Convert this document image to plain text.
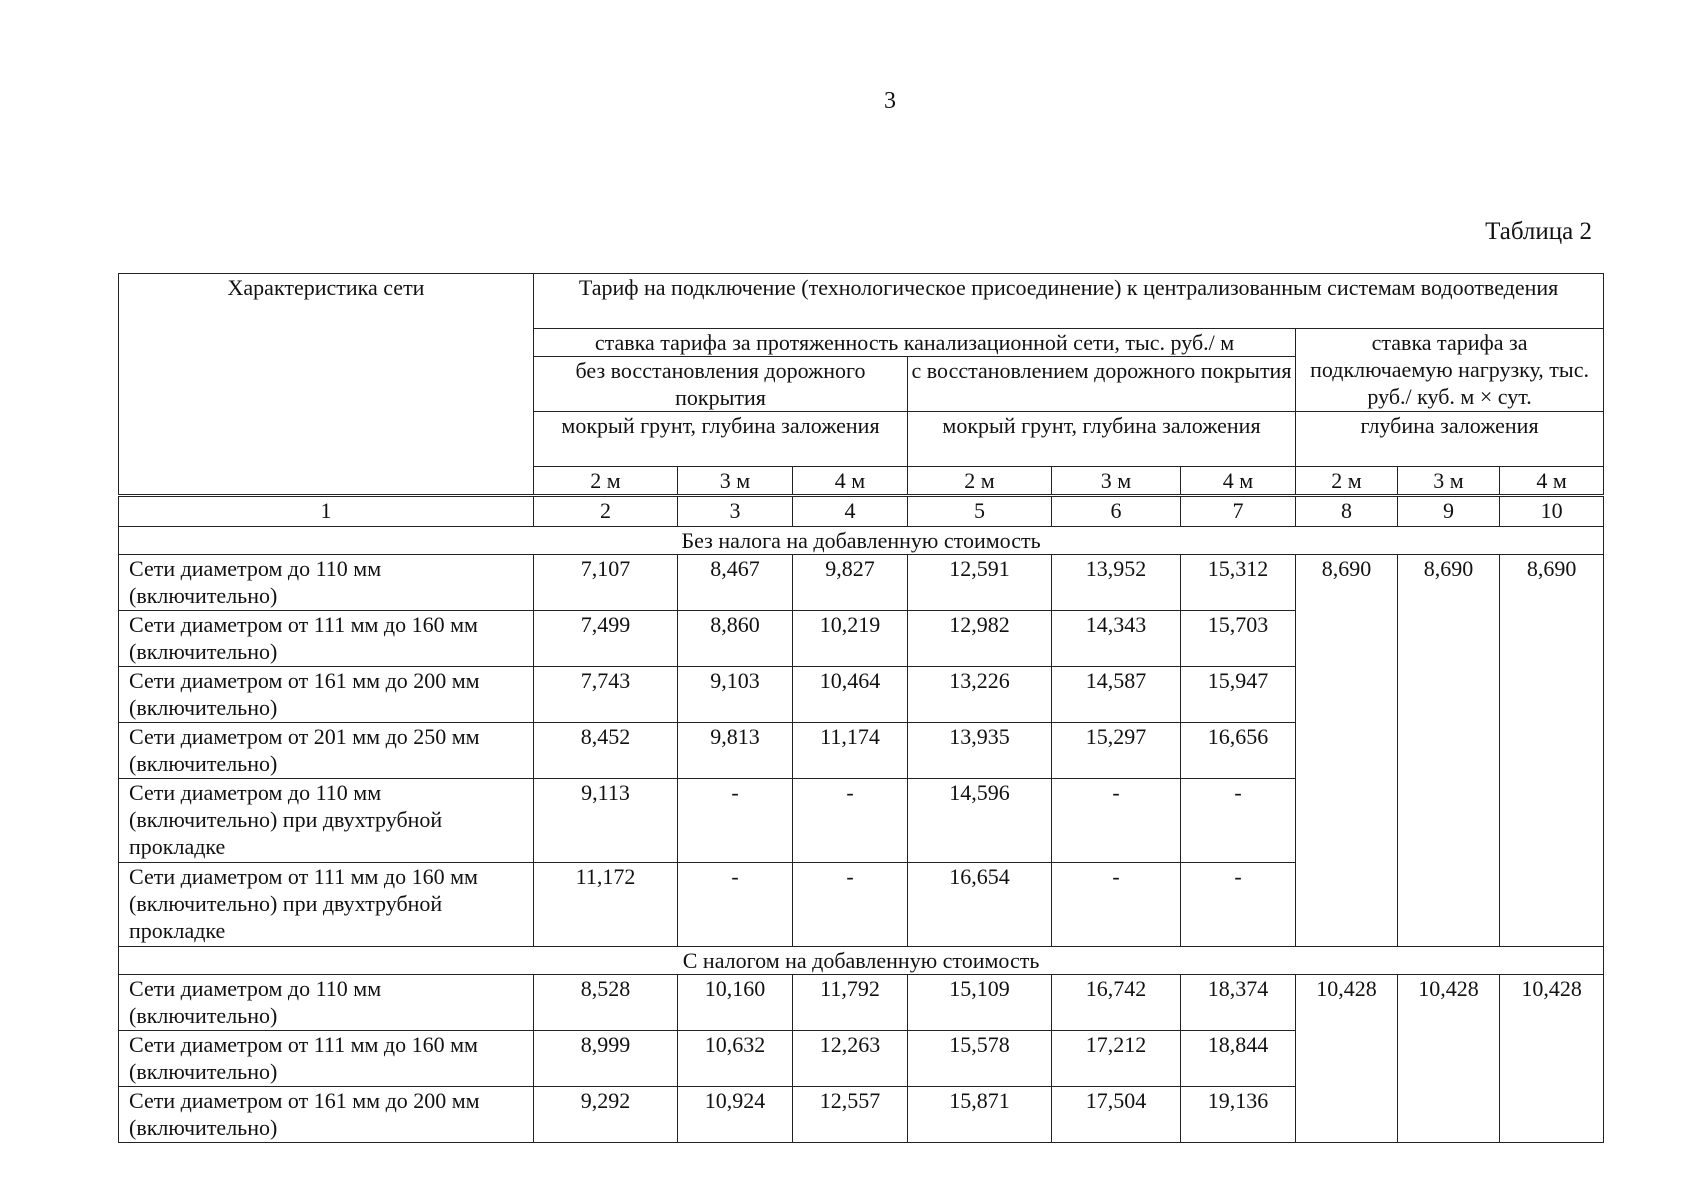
3
Таблица 2
Характеристика сети	Тариф на подключение (технологическое присоединение) к централизованным системам водоотведения								
	ставка тарифа за протяженность канализационной сети, тыс. руб./ м						ставка тарифа за подключаемую нагрузку, тыс. руб./ куб. м × сут.		
	без восстановления дорожного покрытия			с восстановлением дорожного покрытия					

	мокрый грунт, глубина заложения			мокрый грунт, глубина заложения			глубина заложения		
	2 м	3 м	4 м	2 м	3 м	4 м	2 м	3 м	4 м
1	2	3	4	5	6	7	8	9	10
Без налога на добавленную стоимость									
Сети диаметром до 110 мм (включительно)	7,107	8,467	9,827	12,591	13,952	15,312	8,690	8,690	8,690
Сети диаметром от 111 мм до 160 мм (включительно)	7,499	8,860	10,219	12,982	14,343	15,703			
Сети диаметром от 161 мм до 200 мм (включительно)	7,743	9,103	10,464	13,226	14,587	15,947			
Сети диаметром от 201 мм до 250 мм (включительно)	8,452	9,813	11,174	13,935	15,297	16,656			
Сети диаметром до 110 мм (включительно) при двухтрубной прокладке	9,113	-	-	14,596	-	-			
Сети диаметром от 111 мм до 160 мм (включительно) при двухтрубной прокладке	11,172	-	-	16,654	-	-			
С налогом на добавленную стоимость									
Сети диаметром до 110 мм (включительно)	8,528	10,160	11,792	15,109	16,742	18,374	10,428	10,428	10,428
Сети диаметром от 111 мм до 160 мм (включительно)	8,999	10,632	12,263	15,578	17,212	18,844			
Сети диаметром от 161 мм до 200 мм (включительно)	9,292	10,924	12,557	15,871	17,504	19,136			
